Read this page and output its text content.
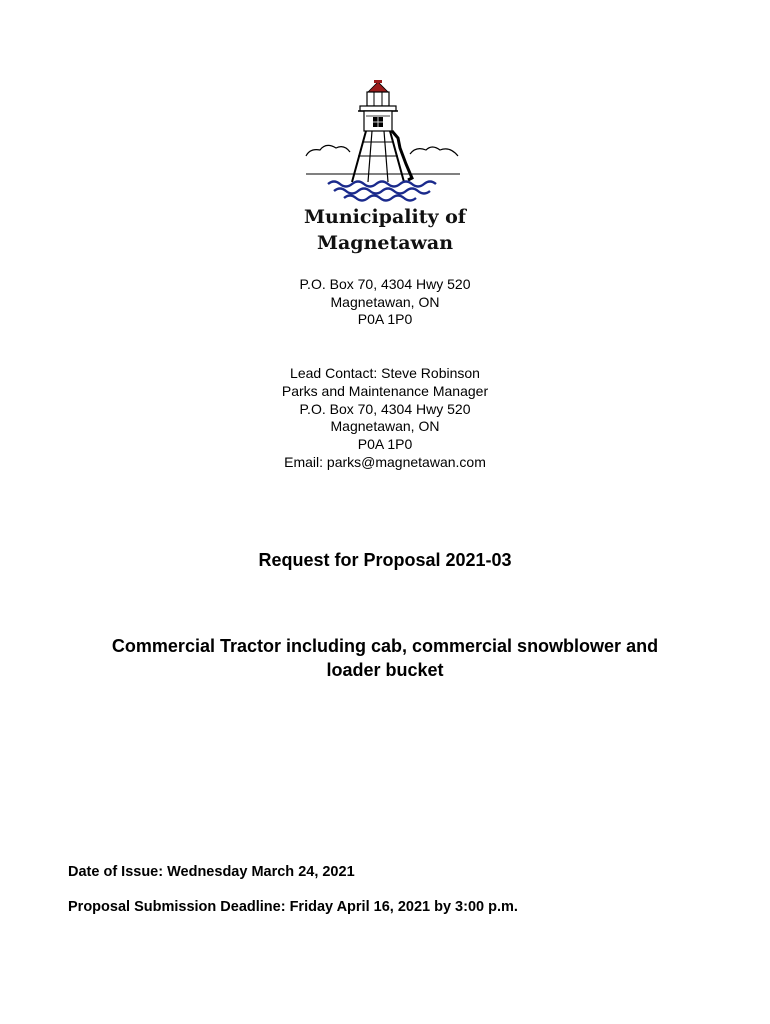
Municipality of
Magnetawan
P.O. Box 70, 4304 Hwy 520
Magnetawan, ON
P0A 1P0
Lead Contact: Steve Robinson
Parks and Maintenance Manager
P.O. Box 70, 4304 Hwy 520
Magnetawan, ON
P0A 1P0
Email: parks@magnetawan.com
Request for Proposal 2021-03
Commercial Tractor including cab, commercial snowblower and
loader bucket
Date of Issue: Wednesday March 24, 2021
Proposal Submission Deadline: Friday April 16, 2021 by 3:00 p.m.
